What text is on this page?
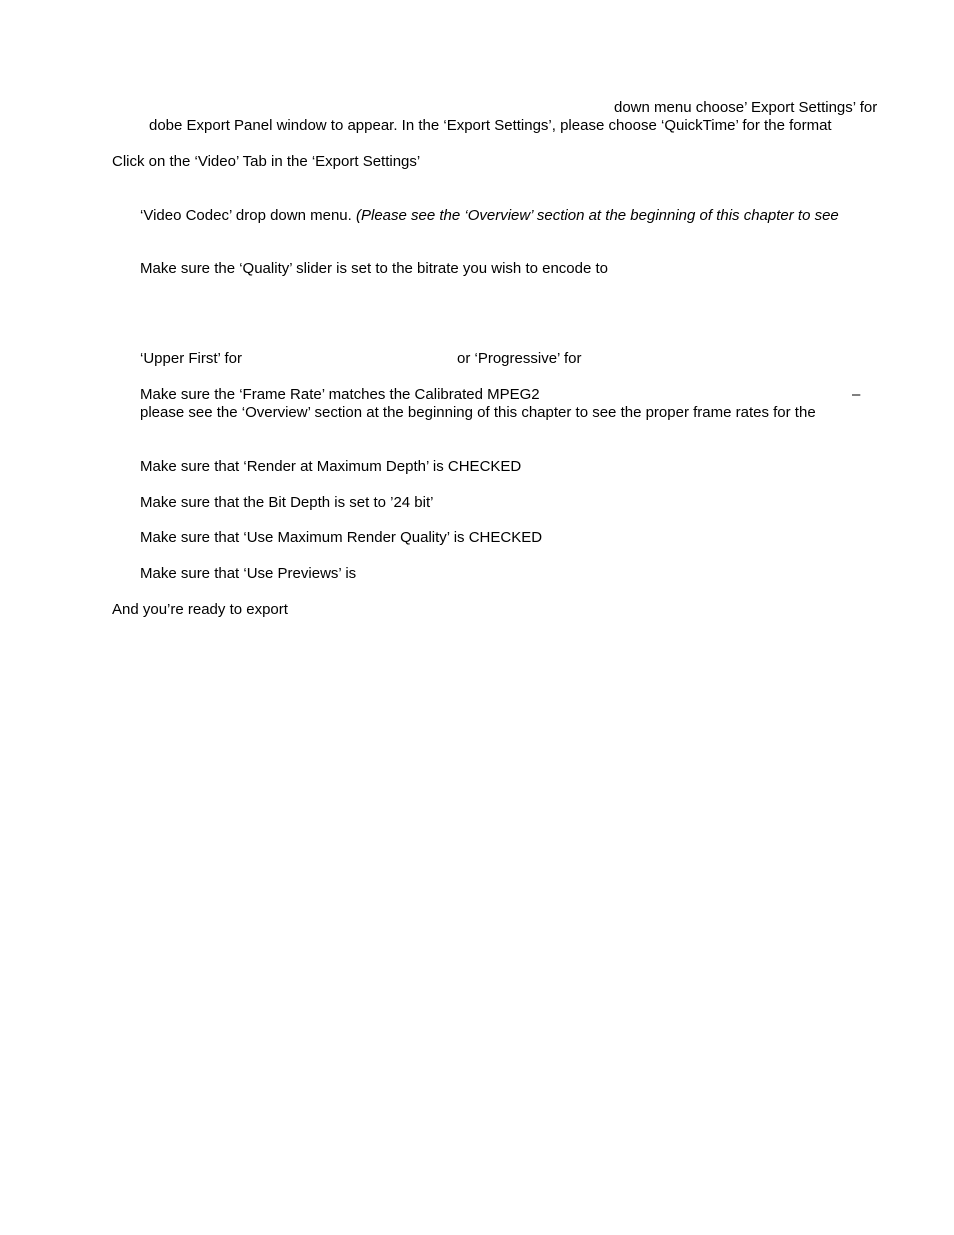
down menu choose’ Export Settings’ for
dobe Export Panel window to appear. In the ‘Export Settings’, please choose ‘QuickTime’ for the format
Click on the ‘Video’ Tab in the ‘Export Settings’
‘Video Codec’ drop down menu. (Please see the ‘Overview’ section at the beginning of this chapter to see
Make sure the ‘Quality’ slider is set to the bitrate you wish to encode to
‘Upper First’ for	or ‘Progressive’ for
Make sure the ‘Frame Rate’ matches the Calibrated MPEG2	–
please see the ‘Overview’ section at the beginning of this chapter to see the proper frame rates for the
Make sure that ‘Render at Maximum Depth’ is CHECKED
Make sure that the Bit Depth is set to ’24 bit’
Make sure that ‘Use Maximum Render Quality’ is CHECKED
Make sure that ‘Use Previews’ is
And you’re ready to export
